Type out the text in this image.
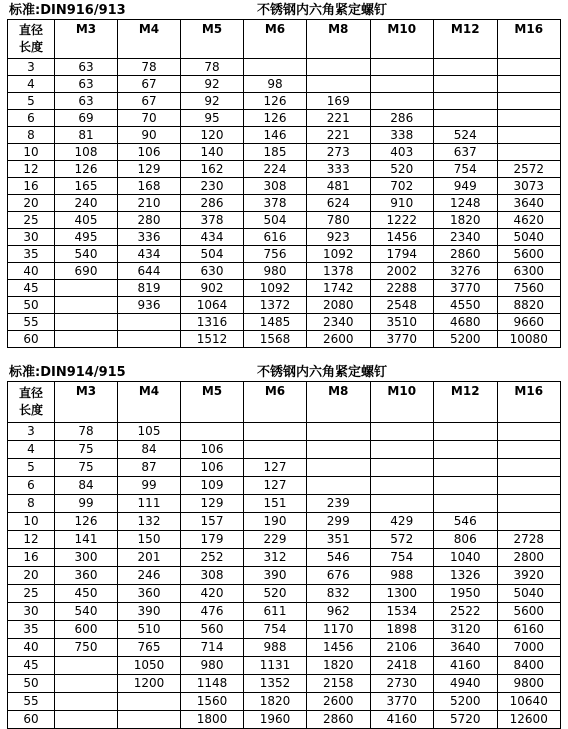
标准:DIN916/913	不锈钢内六角紧定螺钉
直径
长度	M3	M4	M5	M6	M8	M10	M12	M16
3	63	78	78					
4	63	67	92	98				
5	63	67	92	126	169			
6	69	70	95	126	221	286		
8	81	90	120	146	221	338	524	
10	108	106	140	185	273	403	637	
12	126	129	162	224	333	520	754	2572
16	165	168	230	308	481	702	949	3073
20	240	210	286	378	624	910	1248	3640
25	405	280	378	504	780	1222	1820	4620
30	495	336	434	616	923	1456	2340	5040
35	540	434	504	756	1092	1794	2860	5600
40	690	644	630	980	1378	2002	3276	6300
45		819	902	1092	1742	2288	3770	7560
50		936	1064	1372	2080	2548	4550	8820
55			1316	1485	2340	3510	4680	9660
60			1512	1568	2600	3770	5200	10080
标准:DIN914/915	不锈钢内六角紧定螺钉
直径
长度	M3	M4	M5	M6	M8	M10	M12	M16
3	78	105						
4	75	84	106					
5	75	87	106	127				
6	84	99	109	127				
8	99	111	129	151	239			
10	126	132	157	190	299	429	546	
12	141	150	179	229	351	572	806	2728
16	300	201	252	312	546	754	1040	2800
20	360	246	308	390	676	988	1326	3920
25	450	360	420	520	832	1300	1950	5040
30	540	390	476	611	962	1534	2522	5600
35	600	510	560	754	1170	1898	3120	6160
40	750	765	714	988	1456	2106	3640	7000
45		1050	980	1131	1820	2418	4160	8400
50		1200	1148	1352	2158	2730	4940	9800
55			1560	1820	2600	3770	5200	10640
60			1800	1960	2860	4160	5720	12600
